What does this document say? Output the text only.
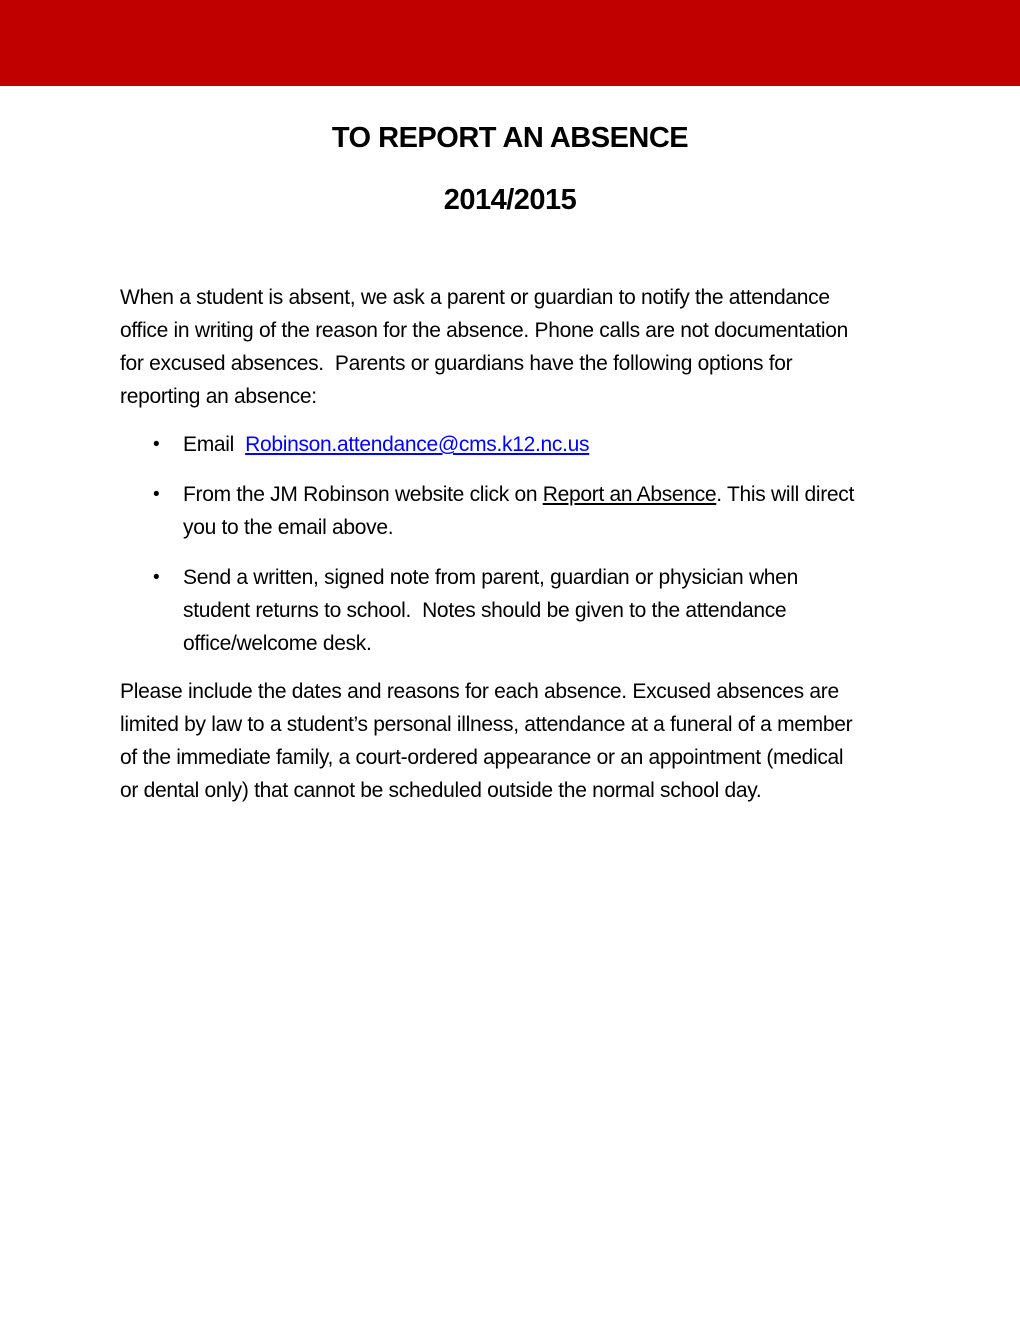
TO REPORT AN ABSENCE
2014/2015
When a student is absent, we ask a parent or guardian to notify the attendance
office in writing of the reason for the absence. Phone calls are not documentation
for excused absences.  Parents or guardians have the following options for
reporting an absence:
•	Email  Robinson.attendance@cms.k12.nc.us
•	From the JM Robinson website click on Report an Absence. This will direct
you to the email above.
•	Send a written, signed note from parent, guardian or physician when
student returns to school.  Notes should be given to the attendance
office/welcome desk.
Please include the dates and reasons for each absence. Excused absences are
limited by law to a student’s personal illness, attendance at a funeral of a member
of the immediate family, a court-ordered appearance or an appointment (medical
or dental only) that cannot be scheduled outside the normal school day.
